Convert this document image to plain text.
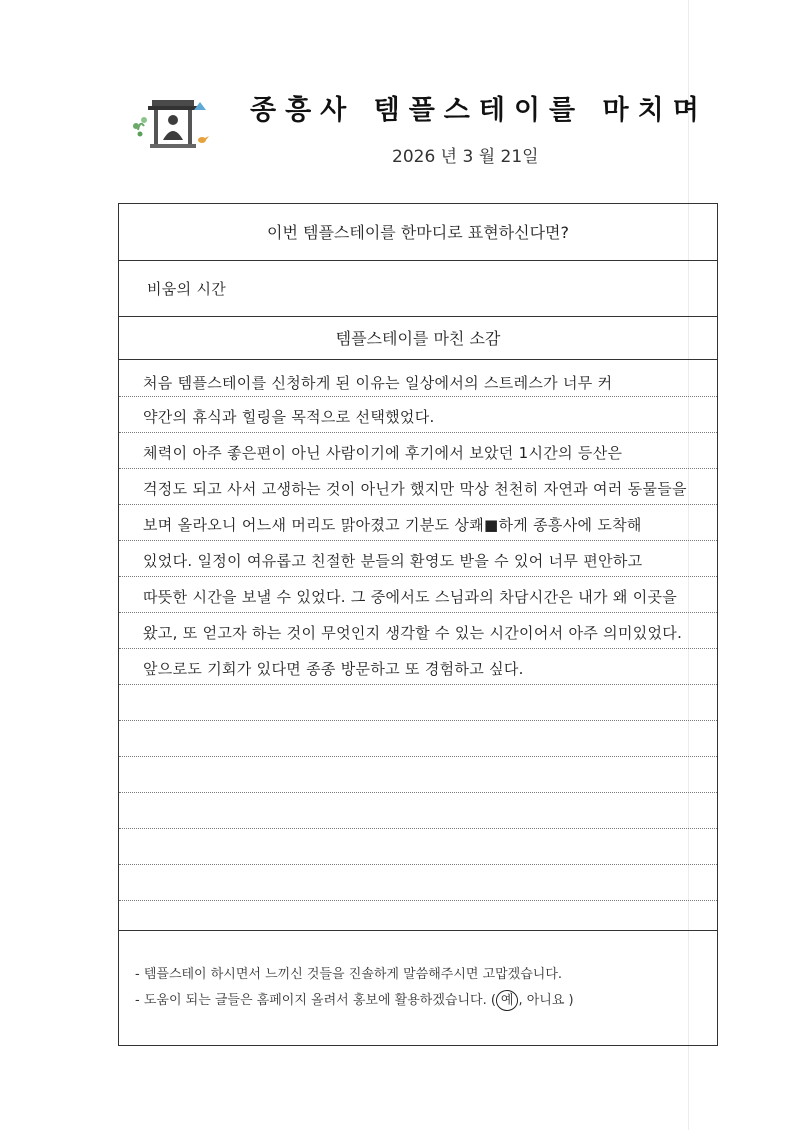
종흥사 템플스테이를 마치며
2026 년 3 월 21일
이번 템플스테이를 한마디로 표현하신다면?
비움의 시간
템플스테이를 마친 소감
처음 템플스테이를 신청하게 된 이유는 일상에서의 스트레스가 너무 커
약간의 휴식과 힐링을 목적으로 선택했었다.
체력이 아주 좋은편이 아닌 사람이기에 후기에서 보았던 1시간의 등산은
걱정도 되고 사서 고생하는 것이 아닌가 했지만 막상 천천히 자연과 여러 동물들을
보며 올라오니 어느새 머리도 맑아졌고 기분도 상쾌■하게 종흥사에 도착해
있었다. 일정이 여유롭고 친절한 분들의 환영도 받을 수 있어 너무 편안하고
따뜻한 시간을 보낼 수 있었다. 그 중에서도 스님과의 차담시간은 내가 왜 이곳을
왔고, 또 얻고자 하는 것이 무엇인지 생각할 수 있는 시간이어서 아주 의미있었다.
앞으로도 기회가 있다면 종종 방문하고 또 경험하고 싶다.
- 템플스테이 하시면서 느끼신 것들을 진솔하게 말씀해주시면 고맙겠습니다.
- 도움이 되는 글들은 홈페이지 올려서 홍보에 활용하겠습니다. ( 예 , 아니요 )
